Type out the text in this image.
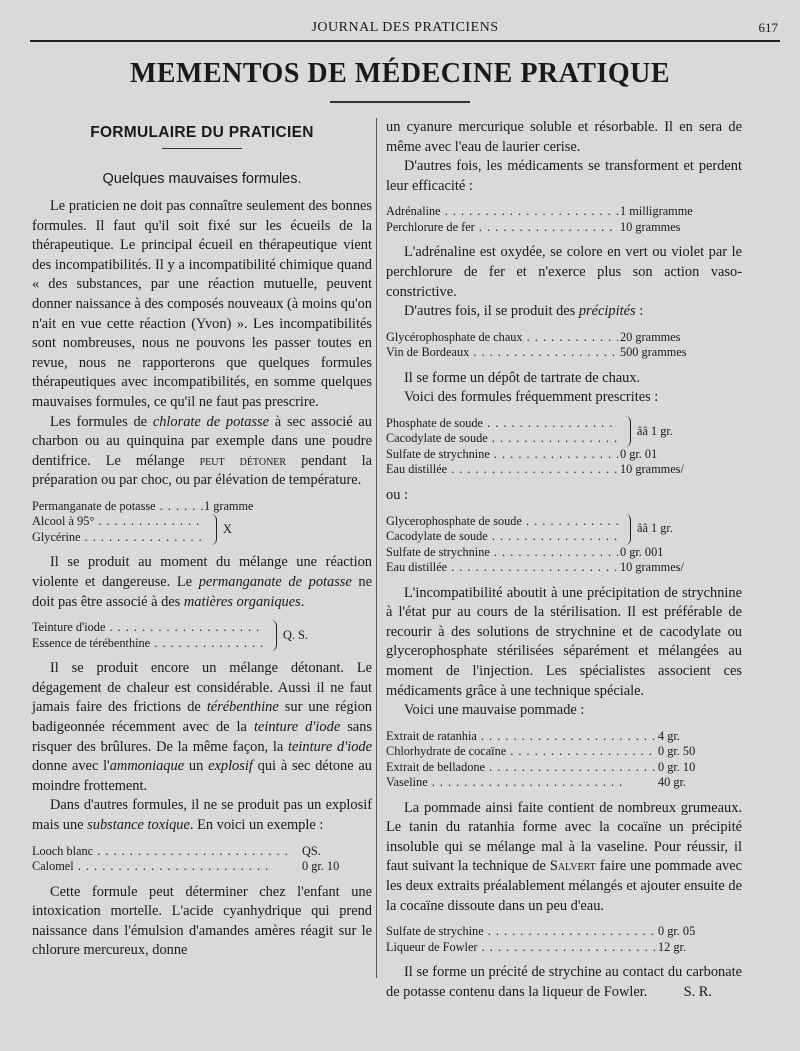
JOURNAL DES PRATICIENS	617
MEMENTOS DE MÉDECINE PRATIQUE
FORMULAIRE DU PRATICIEN
Quelques mauvaises formules.

Le praticien ne doit pas connaître seulement des bonnes formules. Il faut qu'il soit fixé sur les écueils de la thérapeutique. Le principal écueil en thérapeutique vient des incompatibilités. Il y a incompatibilité chimique quand « des substances, par une réaction mutuelle, peuvent donner naissance à des composés nouveaux (à moins qu'on n'ait en vue cette réaction (Yvon) ». Les incompatibilités sont nombreuses, nous ne pouvons les passer toutes en revue, nous ne rapporterons que quelques formules thérapeutiques avec incompatibilités, en somme quelques mauvaises formules, ce qu'il ne faut pas prescrire.

Les formules de chlorate de potasse à sec associé au charbon ou au quinquina par exemple dans une poudre dentifrice. Le mélange peut détoner pendant la préparation ou par choc, ou par élévation de température.

Permanganate de potasse . . .	1 gramme
Alcool à 95° . . .
Glycérine . . .
X

Il se produit au moment du mélange une réaction violente et dangereuse. Le permanganate de potasse ne doit pas être associé à des matières organiques.

Teinture d'iode . . .
Essence de térébenthine . . .
Q. S.

Il se produit encore un mélange détonant. Le dégagement de chaleur est considérable. Aussi il ne faut jamais faire des frictions de térébenthine sur une région badigeonnée récemment avec de la teinture d'iode sans risquer des brûlures. De la même façon, la teinture d'iode donne avec l'ammoniaque un explosif qui à sec détone au moindre frottement.

Dans d'autres formules, il ne se produit pas un explosif mais une substance toxique. En voici un exemple :

Looch blanc . . .	QS.
Calomel . . .	0 gr. 10

Cette formule peut déterminer chez l'enfant une intoxication mortelle. L'acide cyanhydrique qui prend naissance dans l'émulsion d'amandes amères réagit sur le chlorure mercureux, donne

un cyanure mercurique soluble et résorbable. Il en sera de même avec l'eau de laurier cerise.

D'autres fois, les médicaments se transforment et perdent leur efficacité :

Adrénaline . . .	1 milligramme
Perchlorure de fer . . .	10 grammes

L'adrénaline est oxydée, se colore en vert ou violet par le perchlorure de fer et n'exerce plus son action vaso-constrictive.

D'autres fois, il se produit des précipités :

Glycérophosphate de chaux . . .	20 grammes
Vin de Bordeaux . . .	500 grammes

Il se forme un dépôt de tartrate de chaux.

Voici des formules fréquemment prescrites :

Phosphate de soude . . .
Cacodylate de soude . . .
ââ 1 gr.
Sulfate de strychnine . . .	0 gr. 01
Eau distillée . . .	10 grammes/

ou :

Glycerophosphate de soude . . .
Cacodylate de soude . . .
ââ 1 gr.
Sulfate de strychnine . . .	0 gr. 001
Eau distillée . . .	10 grammes/

L'incompatibilité aboutit à une précipitation de strychnine à l'état pur au cours de la stérilisation. Il est préférable de recourir à des solutions de strychnine et de cacodylate ou glycerophosphate stérilisées séparément et mélangées au moment de l'injection. Les spécialistes associent ces médicaments grâce à une technique spéciale.

Voici une mauvaise pommade :

Extrait de ratanhia . . .	4 gr.
Chlorhydrate de cocaïne . . .	0 gr. 50
Extrait de belladone . . .	0 gr. 10
Vaseline . . .	40 gr.

La pommade ainsi faite contient de nombreux grumeaux. Le tanin du ratanhia forme avec la cocaïne un précipité insoluble qui se mélange mal à la vaseline. Pour réussir, il faut suivant la technique de Salvert faire une pommade avec les deux extraits préalablement mélangés et ajouter ensuite de la cocaïne dissoute dans un peu d'eau.

Sulfate de strychine . . .	0 gr. 05
Liqueur de Fowler . . .	12 gr.

Il se forme un précité de strychine au contact du carbonate de potasse contenu dans la liqueur de Fowler.	S. R.
